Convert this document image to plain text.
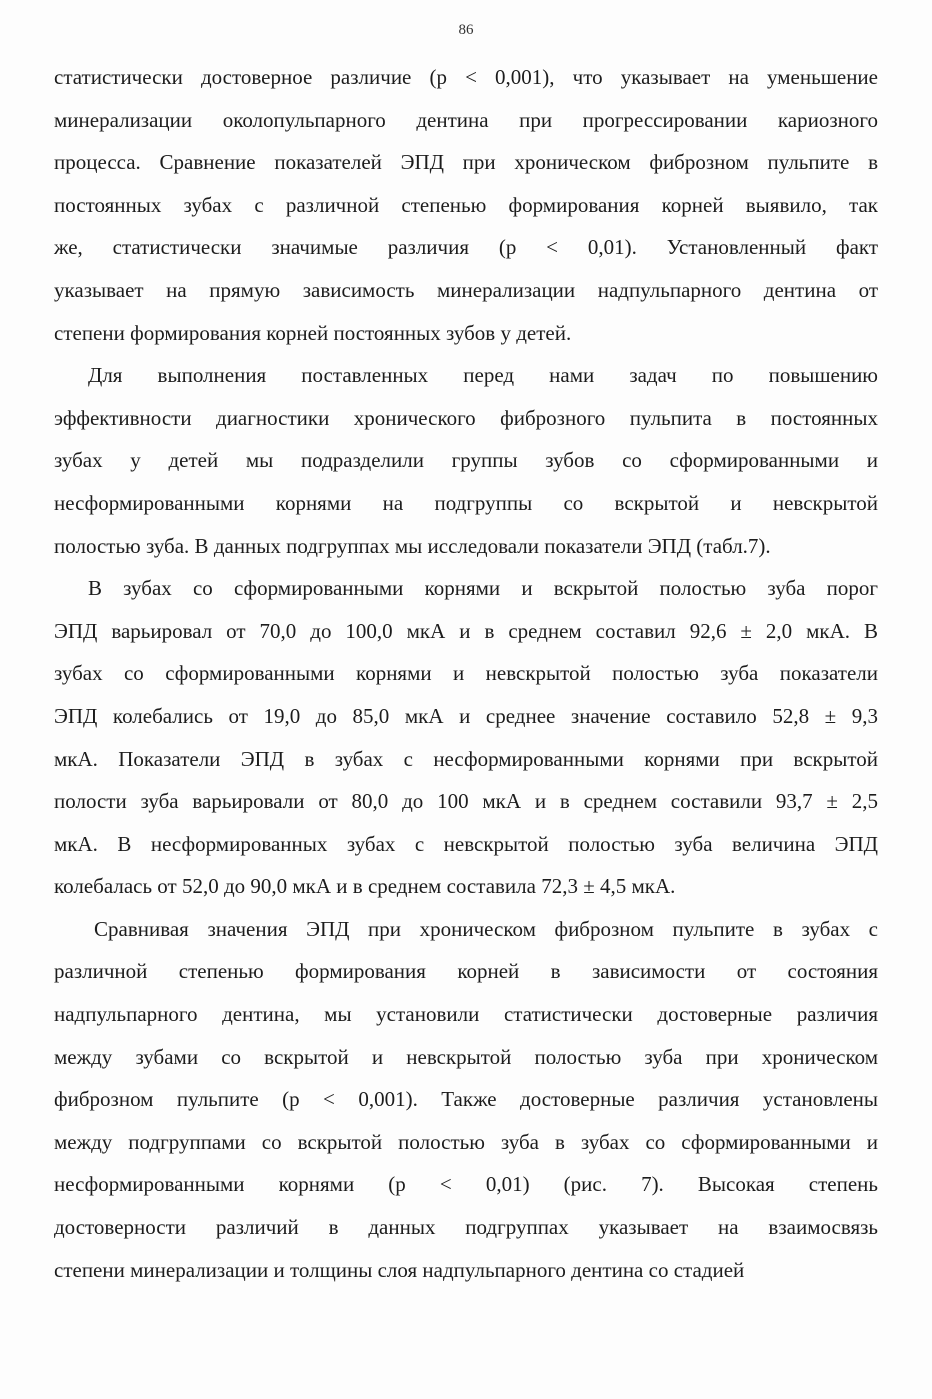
86
статистически достоверное различие (p < 0,001), что указывает на уменьшение
минерализации околопульпарного дентина при прогрессировании кариозного
процесса. Сравнение показателей ЭПД при хроническом фиброзном пульпите в
постоянных зубах с различной степенью формирования корней выявило, так
же, статистически значимые различия (p < 0,01). Установленный факт
указывает на прямую зависимость минерализации надпульпарного дентина от
степени формирования корней постоянных зубов у детей.
Для выполнения поставленных перед нами задач по повышению
эффективности диагностики хронического фиброзного пульпита в постоянных
зубах у детей мы подразделили группы зубов со сформированными и
несформированными корнями на подгруппы со вскрытой и невскрытой
полостью зуба. В данных подгруппах мы исследовали показатели ЭПД (табл.7).
В зубах со сформированными корнями и вскрытой полостью зуба порог
ЭПД варьировал от 70,0 до 100,0 мкА и в среднем составил 92,6 ± 2,0 мкА. В
зубах со сформированными корнями и невскрытой полостью зуба показатели
ЭПД колебались от 19,0 до 85,0 мкА и среднее значение составило 52,8 ± 9,3
мкА. Показатели ЭПД в зубах с несформированными корнями при вскрытой
полости зуба варьировали от 80,0 до 100 мкА и в среднем составили 93,7 ± 2,5
мкА. В несформированных зубах с невскрытой полостью зуба величина ЭПД
колебалась от 52,0 до 90,0 мкА и в среднем составила 72,3 ± 4,5 мкА.
Сравнивая значения ЭПД при хроническом фиброзном пульпите в зубах с
различной степенью формирования корней в зависимости от состояния
надпульпарного дентина, мы установили статистически достоверные различия
между зубами со вскрытой и невскрытой полостью зуба при хроническом
фиброзном пульпите (p < 0,001). Также достоверные различия установлены
между подгруппами со вскрытой полостью зуба в зубах со сформированными и
несформированными корнями (p < 0,01) (рис. 7). Высокая степень
достоверности различий в данных подгруппах указывает на взаимосвязь
степени минерализации и толщины слоя надпульпарного дентина со стадией
